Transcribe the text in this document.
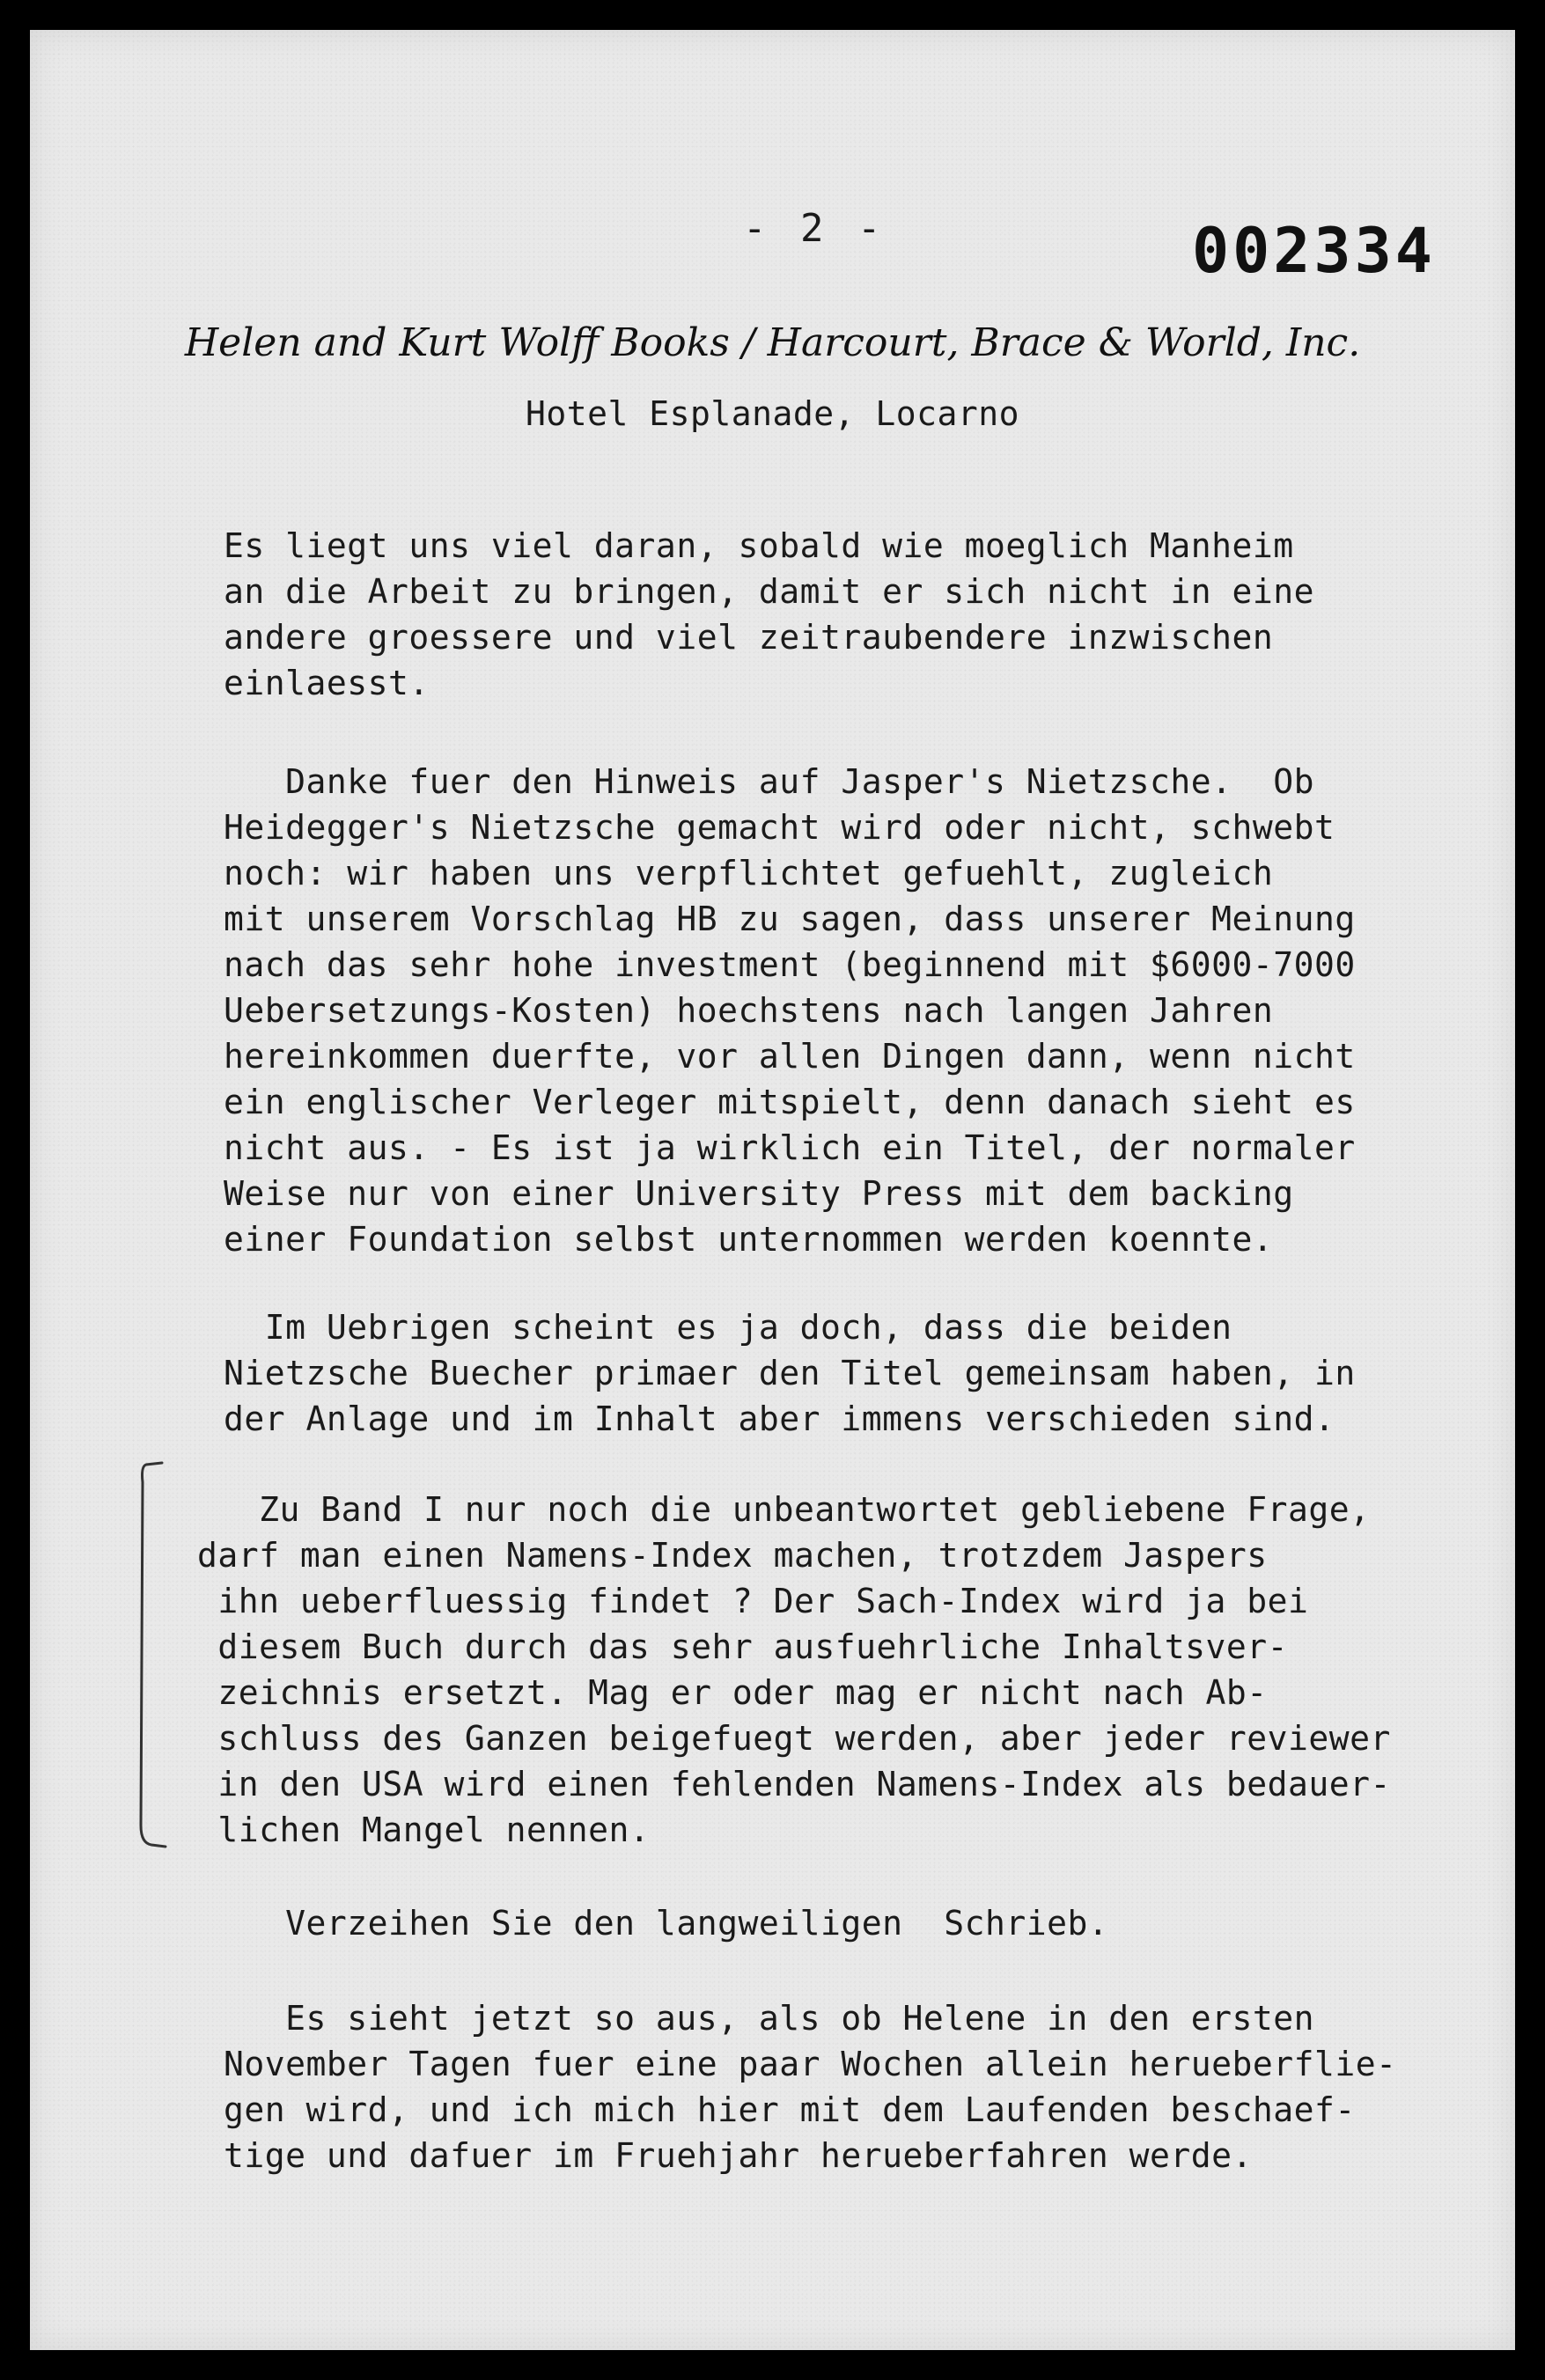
- 2 -	002334
Helen and Kurt Wolff Books / Harcourt, Brace & World, Inc.
Hotel Esplanade, Locarno
Es liegt uns viel daran, sobald wie moeglich Manheim
an die Arbeit zu bringen, damit er sich nicht in eine
andere groessere und viel zeitraubendere inzwischen
einlaesst.
Danke fuer den Hinweis auf Jasper's Nietzsche.  Ob
Heidegger's Nietzsche gemacht wird oder nicht, schwebt
noch: wir haben uns verpflichtet gefuehlt, zugleich
mit unserem Vorschlag HB zu sagen, dass unserer Meinung
nach das sehr hohe investment (beginnend mit $6000-7000
Uebersetzungs-Kosten) hoechstens nach langen Jahren
hereinkommen duerfte, vor allen Dingen dann, wenn nicht
ein englischer Verleger mitspielt, denn danach sieht es
nicht aus. - Es ist ja wirklich ein Titel, der normaler
Weise nur von einer University Press mit dem backing
einer Foundation selbst unternommen werden koennte.
Im Uebrigen scheint es ja doch, dass die beiden
Nietzsche Buecher primaer den Titel gemeinsam haben, in
der Anlage und im Inhalt aber immens verschieden sind.
Zu Band I nur noch die unbeantwortet gebliebene Frage,
darf man einen Namens-Index machen, trotzdem Jaspers
ihn ueberfluessig findet ? Der Sach-Index wird ja bei
diesem Buch durch das sehr ausfuehrliche Inhaltsver-
zeichnis ersetzt. Mag er oder mag er nicht nach Ab-
schluss des Ganzen beigefuegt werden, aber jeder reviewer
in den USA wird einen fehlenden Namens-Index als bedauer-
lichen Mangel nennen.
Verzeihen Sie den langweiligen  Schrieb.
Es sieht jetzt so aus, als ob Helene in den ersten
November Tagen fuer eine paar Wochen allein herueberflie-
gen wird, und ich mich hier mit dem Laufenden beschaef-
tige und dafuer im Fruehjahr herueberfahren werde.
